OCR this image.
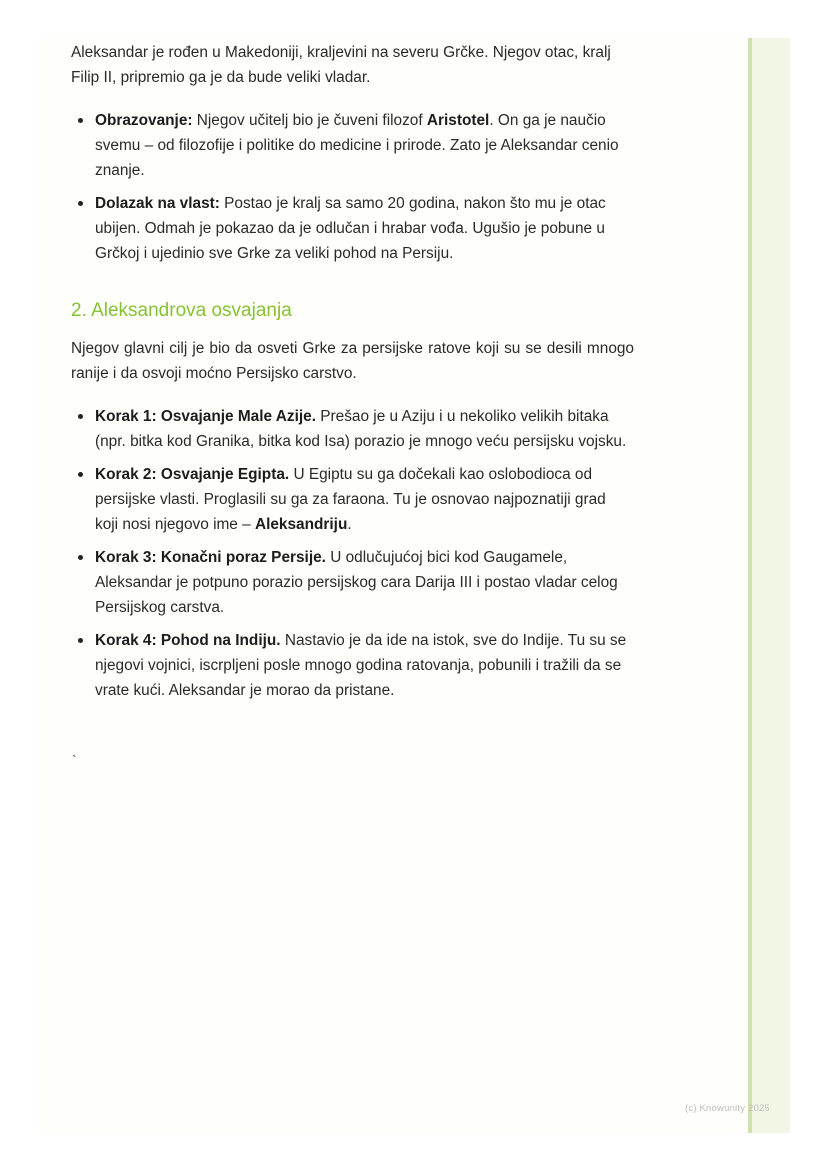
Aleksandar je rođen u Makedoniji, kraljevini na severu Grčke. Njegov otac, kralj Filip II, pripremio ga je da bude veliki vladar.

Obrazovanje: Njegov učitelj bio je čuveni filozof Aristotel. On ga je naučio svemu – od filozofije i politike do medicine i prirode. Zato je Aleksandar cenio znanje.
Dolazak na vlast: Postao je kralj sa samo 20 godina, nakon što mu je otac ubijen. Odmah je pokazao da je odlučan i hrabar vođa. Ugušio je pobune u Grčkoj i ujedinio sve Grke za veliki pohod na Persiju.
2. Aleksandrova osvajanja

Njegov glavni cilj je bio da osveti Grke za persijske ratove koji su se desili mnogo ranije i da osvoji moćno Persijsko carstvo.

Korak 1: Osvajanje Male Azije. Prešao je u Aziju i u nekoliko velikih bitaka (npr. bitka kod Granika, bitka kod Isa) porazio je mnogo veću persijsku vojsku.
Korak 2: Osvajanje Egipta. U Egiptu su ga dočekali kao oslobodioca od persijske vlasti. Proglasili su ga za faraona. Tu je osnovao najpoznatiji grad koji nosi njegovo ime – Aleksandriju.
Korak 3: Konačni poraz Persije. U odlučujućoj bici kod Gaugamele, Aleksandar je potpuno porazio persijskog cara Darija III i postao vladar celog Persijskog carstva.
Korak 4: Pohod na Indiju. Nastavio je da ide na istok, sve do Indije. Tu su se njegovi vojnici, iscrpljeni posle mnogo godina ratovanja, pobunili i tražili da se vrate kući. Aleksandar je morao da pristane.
`
(c) Knowunity 2025
